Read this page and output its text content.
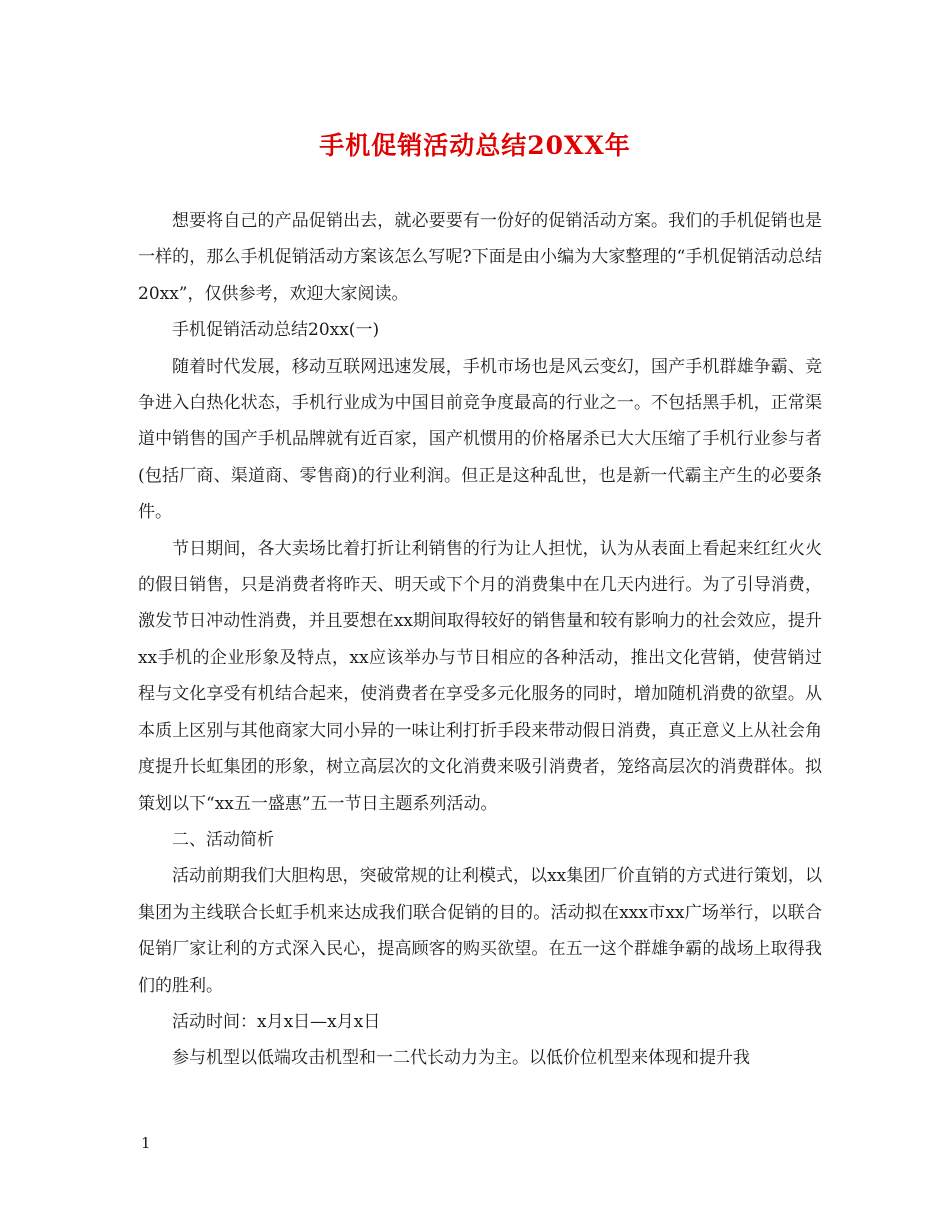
手机促销活动总结20XX年

想要将自己的产品促销出去，就必要要有一份好的促销活动方案。我们的手机促销也是一样的，那么手机促销活动方案该怎么写呢?下面是由小编为大家整理的“手机促销活动总结20xx”，仅供参考，欢迎大家阅读。

手机促销活动总结20xx(一)

随着时代发展，移动互联网迅速发展，手机市场也是风云变幻，国产手机群雄争霸、竞争进入白热化状态，手机行业成为中国目前竞争度最高的行业之一。不包括黑手机，正常渠道中销售的国产手机品牌就有近百家，国产机惯用的价格屠杀已大大压缩了手机行业参与者(包括厂商、渠道商、零售商)的行业利润。但正是这种乱世，也是新一代霸主产生的必要条件。

节日期间，各大卖场比着打折让利销售的行为让人担忧，认为从表面上看起来红红火火的假日销售，只是消费者将昨天、明天或下个月的消费集中在几天内进行。为了引导消费，激发节日冲动性消费，并且要想在xx期间取得较好的销售量和较有影响力的社会效应，提升xx手机的企业形象及特点，xx应该举办与节日相应的各种活动，推出文化营销，使营销过程与文化享受有机结合起来，使消费者在享受多元化服务的同时，增加随机消费的欲望。从本质上区别与其他商家大同小异的一味让利打折手段来带动假日消费，真正意义上从社会角度提升长虹集团的形象，树立高层次的文化消费来吸引消费者，笼络高层次的消费群体。拟策划以下“xx五一盛惠”五一节日主题系列活动。

二、活动简析

活动前期我们大胆构思，突破常规的让利模式，以xx集团厂价直销的方式进行策划，以集团为主线联合长虹手机来达成我们联合促销的目的。活动拟在xxx市xx广场举行，以联合促销厂家让利的方式深入民心，提高顾客的购买欲望。在五一这个群雄争霸的战场上取得我们的胜利。

活动时间：x月x日—x月x日

参与机型以低端攻击机型和一二代长动力为主。以低价位机型来体现和提升我

1
